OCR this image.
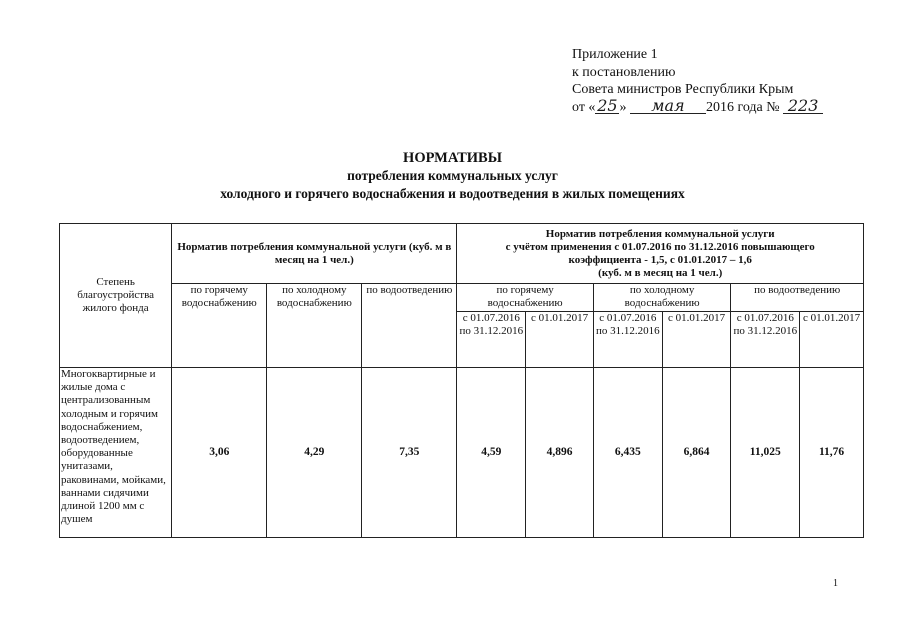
Приложение 1
к постановлению
Совета министров Республики Крым
от « 25 » мая 2016 года № 223
НОРМАТИВЫ
потребления коммунальных услуг
холодного и горячего водоснабжения и водоотведения в жилых помещениях
Степень благоустройства жилого фонда	Норматив потребления коммунальной услуги (куб. м в месяц на 1 чел.)			Норматив потребления коммунальной услуги
с учётом применения с 01.07.2016 по 31.12.2016 повышающего
коэффициента - 1,5, с 01.01.2017 – 1,6
(куб. м в месяц на 1 чел.)					

	по горячему водоснабжению	по холодному водоснабжению	по водоотведению	по горячему водоснабжению		по холодному водоснабжению		по водоотведению	
				с 01.07.2016 по 31.12.2016	с 01.01.2017	с 01.07.2016 по 31.12.2016	с 01.01.2017	с 01.07.2016 по 31.12.2016	с 01.01.2017
Многоквартирные и жилые дома с централизованным холодным и горячим водоснабжением, водоотведением, оборудованные унитазами, раковинами, мойками, ваннами сидячими длиной 1200 мм с душем	3,06	4,29	7,35	4,59	4,896	6,435	6,864	11,025	11,76
1
